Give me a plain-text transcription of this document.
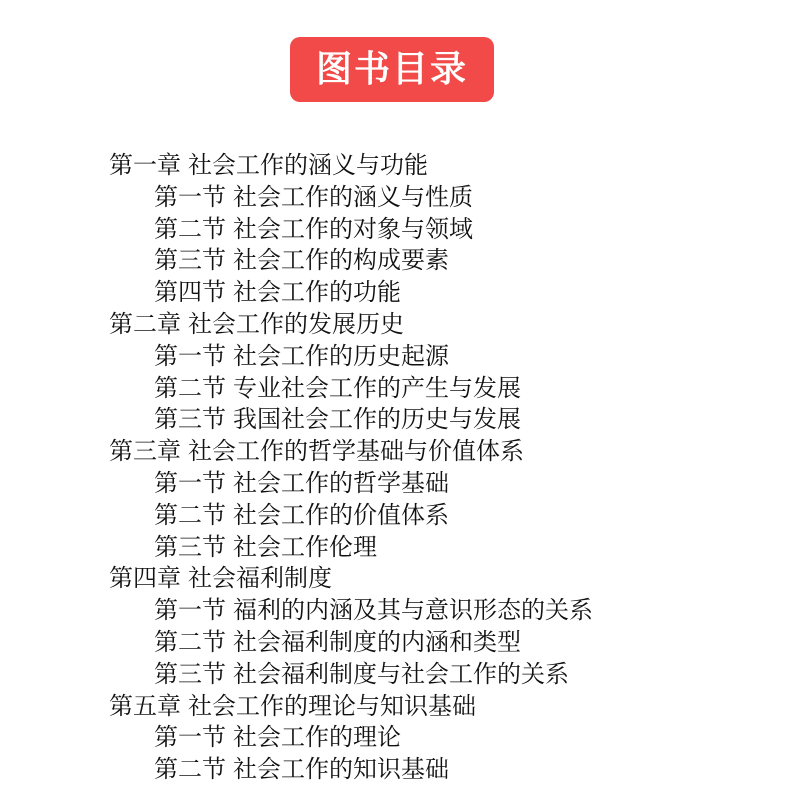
图书目录
第一章 社会工作的涵义与功能
第一节 社会工作的涵义与性质
第二节 社会工作的对象与领域
第三节 社会工作的构成要素
第四节 社会工作的功能
第二章 社会工作的发展历史
第一节 社会工作的历史起源
第二节 专业社会工作的产生与发展
第三节 我国社会工作的历史与发展
第三章 社会工作的哲学基础与价值体系
第一节 社会工作的哲学基础
第二节 社会工作的价值体系
第三节 社会工作伦理
第四章 社会福利制度
第一节 福利的内涵及其与意识形态的关系
第二节 社会福利制度的内涵和类型
第三节 社会福利制度与社会工作的关系
第五章 社会工作的理论与知识基础
第一节 社会工作的理论
第二节 社会工作的知识基础
